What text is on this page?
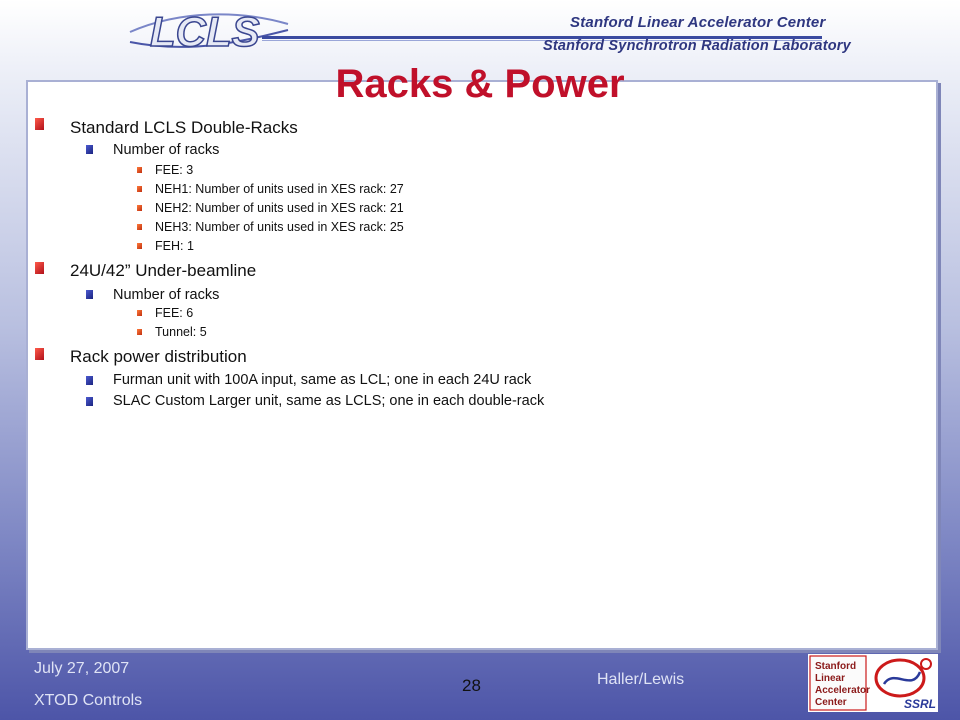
LCLS	Stanford Linear Accelerator Center
Stanford Synchrotron Radiation Laboratory
Racks & Power
Standard LCLS Double-Racks
Number of racks
FEE: 3
NEH1: Number of units used in XES rack: 27
NEH2: Number of units used in XES rack: 21
NEH3: Number of units used in XES rack: 25
FEH: 1
24U/42” Under-beamline
Number of racks
FEE: 6
Tunnel: 5
Rack power distribution
Furman unit with 100A input, same as LCL; one in each 24U rack
SLAC Custom Larger unit, same as LCLS; one in each double-rack
July 27, 2007
XTOD Controls
28	Haller/Lewis
Stanford
Linear
Accelerator
Center	SSRL
